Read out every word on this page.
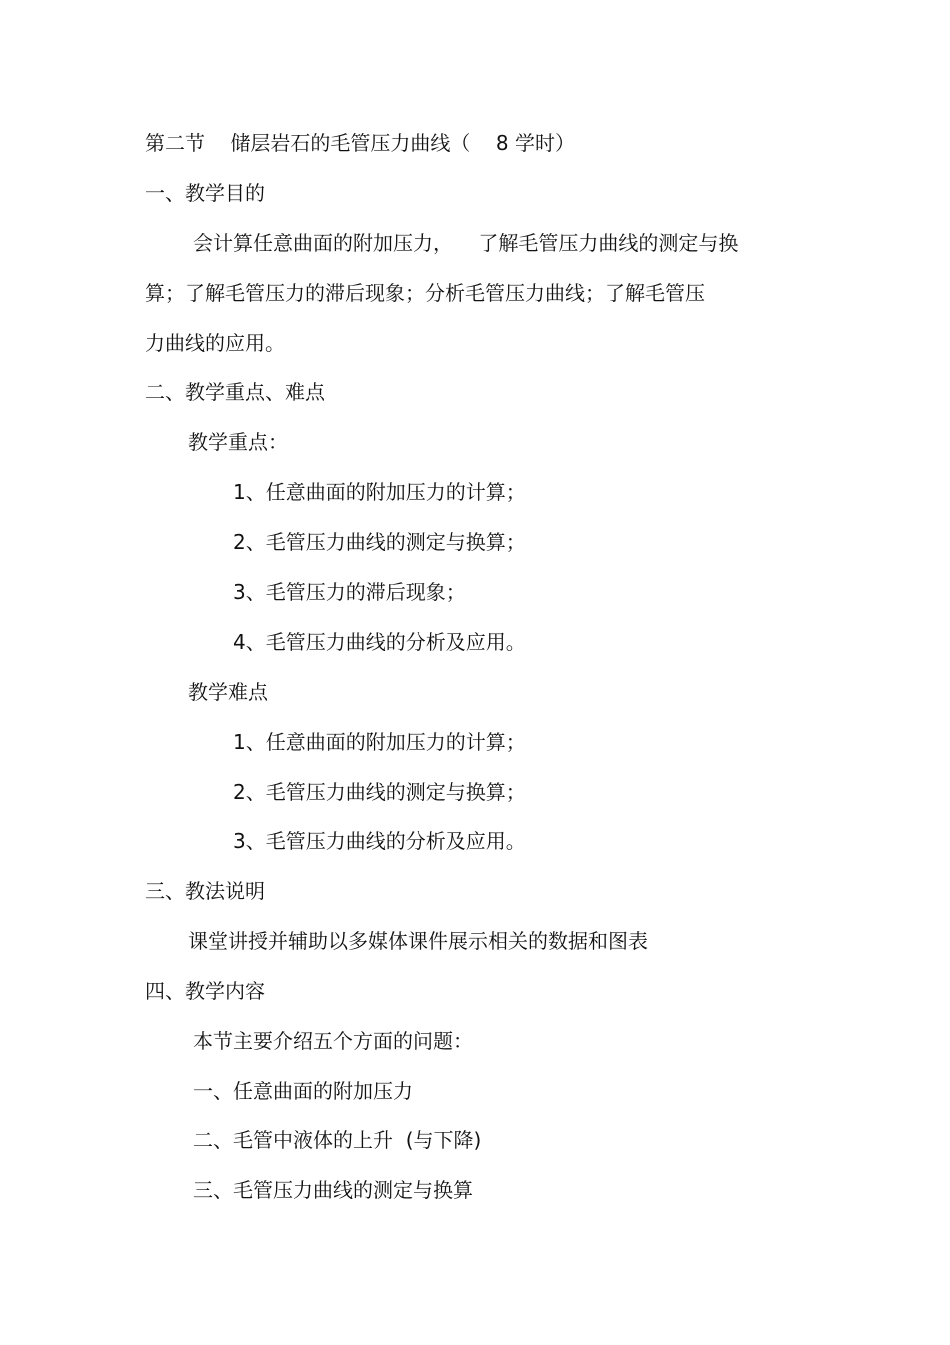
第二节    储层岩石的毛管压力曲线（    8 学时）

一、教学目的

会计算任意曲面的附加压力，    了解毛管压力曲线的测定与换

算；了解毛管压力的滞后现象；分析毛管压力曲线；了解毛管压

力曲线的应用。

二、教学重点、难点

教学重点：

1、任意曲面的附加压力的计算；

2、毛管压力曲线的测定与换算；

3、毛管压力的滞后现象；

4、毛管压力曲线的分析及应用。

教学难点

1、任意曲面的附加压力的计算；

2、毛管压力曲线的测定与换算；

3、毛管压力曲线的分析及应用。

三、教法说明

课堂讲授并辅助以多媒体课件展示相关的数据和图表

四、教学内容

本节主要介绍五个方面的问题：

一、任意曲面的附加压力

二、毛管中液体的上升  (与下降)

三、毛管压力曲线的测定与换算
